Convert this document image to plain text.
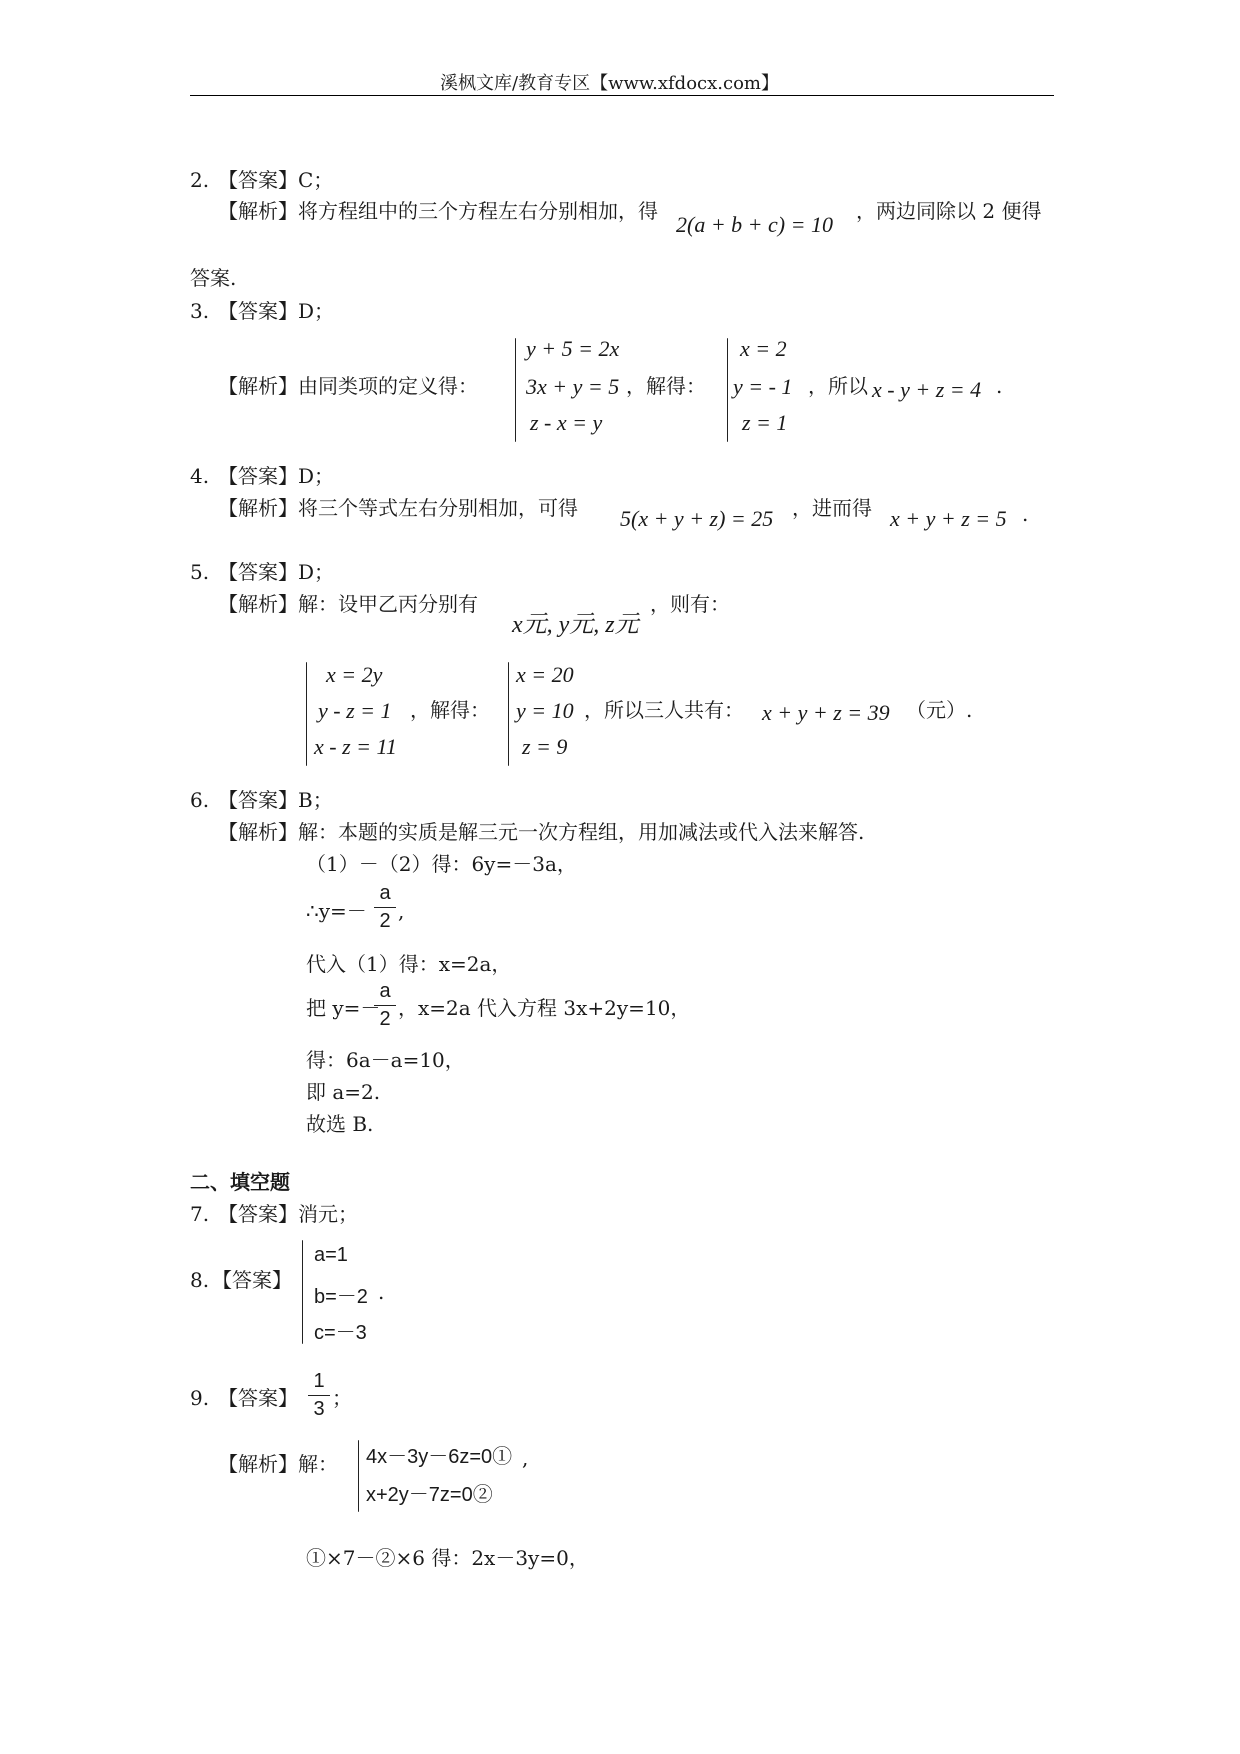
溪枫文库/教育专区【www.xfdocx.com】
2. 【答案】C；
【解析】将方程组中的三个方程左右分别相加，得
2(a + b + c) = 10
，两边同除以 2 便得
答案.
3. 【答案】D；
【解析】由同类项的定义得：
y + 5 = 2x
3x + y = 5
z - x = y
，解得：
x = 2
y = - 1
z = 1
，所以 x - y + z = 4 .
4. 【答案】D；
【解析】将三个等式左右分别相加，可得 5(x + y + z) = 25 ，进而得 x + y + z = 5 .
5. 【答案】D；
【解析】解：设甲乙丙分别有
x元, y元, z元
，则有：
x = 2y
y - z = 1
x - z = 11
，解得：
x = 20
y = 10
z = 9
，所以三人共有： x + y + z = 39 （元）.
6. 【答案】B；
【解析】解：本题的实质是解三元一次方程组，用加减法或代入法来解答.
（1）－（2）得：6y=－3a，
∴y=－
a
2 ,
代入（1）得：x=2a，
把 y=－
a
2 ，x=2a 代入方程 3x+2y=10，
得：6a－a=10，
即 a=2.
故选 B.
二、填空题
7. 【答案】消元；
8. 【答案】
a=1
b=－2
c=－3
.
9. 【答案】
1
3 ；
【解析】解： 4x－3y－6z=0①
x+2y－7z=0②
,
①×7－②×6 得：2x－3y=0，
